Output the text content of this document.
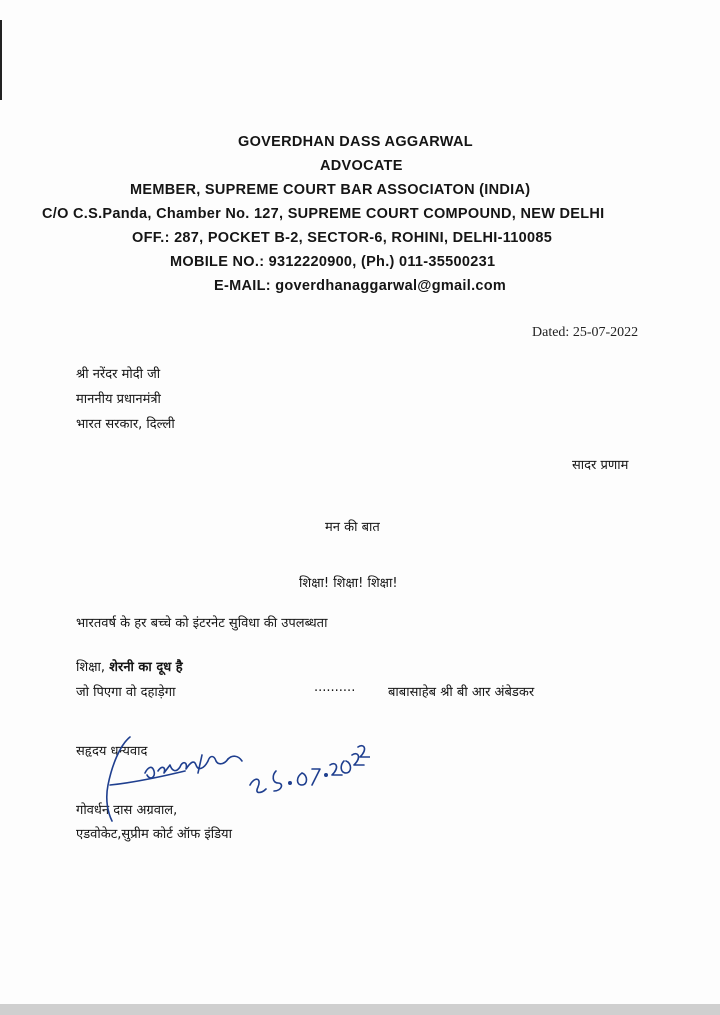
GOVERDHAN DASS AGGARWAL
ADVOCATE
MEMBER, SUPREME COURT BAR ASSOCIATON (INDIA)
C/O C.S.Panda, Chamber No. 127, SUPREME COURT COMPOUND, NEW DELHI
OFF.: 287, POCKET B-2, SECTOR-6, ROHINI, DELHI-110085
MOBILE NO.: 9312220900, (Ph.) 011-35500231
E-MAIL: goverdhanaggarwal@gmail.com
Dated: 25-07-2022
श्री नरेंदर मोदी जी
माननीय प्रधानमंत्री
भारत सरकार, दिल्ली
सादर प्रणाम
मन की बात
शिक्षा! शिक्षा! शिक्षा!
भारतवर्ष के हर बच्चे को इंटरनेट सुविधा की उपलब्धता
शिक्षा, शेरनी का दूध है
जो पिएगा वो दहाड़ेगा	..........	बाबासाहेब श्री बी आर अंबेडकर
सहृदय धन्यवाद
गोवर्धन दास अग्रवाल,
एडवोकेट,सुप्रीम कोर्ट ऑफ इंडिया
